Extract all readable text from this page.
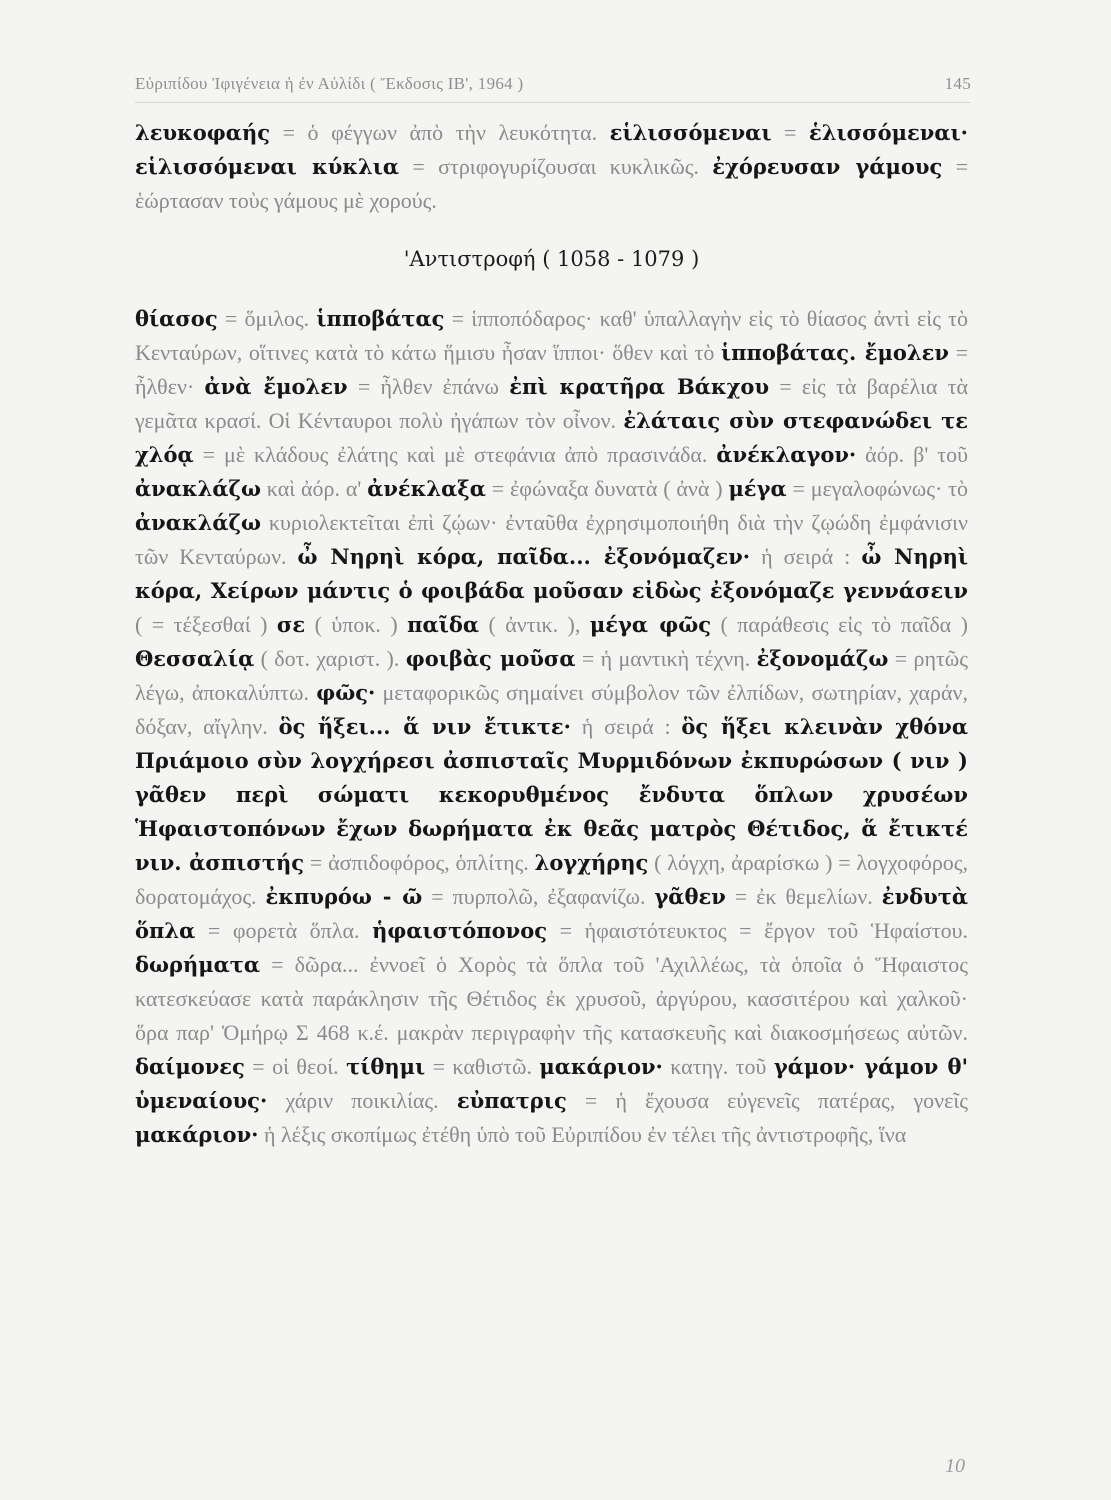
Εὐριπίδου Ἰφιγένεια ἡ ἐν Αὐλίδι ( Ἔκδοσις ΙΒ', 1964 )	145

λευκοφαής = ὁ φέγγων ἀπὸ τὴν λευκότητα. εἱλισσόμεναι = ἑλισσόμεναι· εἱλισσόμεναι κύκλια = στριφογυρίζουσαι κυκλικῶς. ἐχόρευσαν γάμους = ἑώρτασαν τοὺς γάμους μὲ χορούς.

'Αντιστροφή ( 1058 - 1079 )

θίασος = ὅμιλος. ἱπποβάτας = ἱπποπόδαρος· καθ' ὑπαλλαγὴν εἰς τὸ θίασος ἀντὶ εἰς τὸ Κενταύρων, οἵτινες κατὰ τὸ κάτω ἥμισυ ἦσαν ἵπποι· ὅθεν καὶ τὸ ἱπποβάτας. ἔμολεν = ἦλθεν· ἀνὰ ἔμολεν = ἦλθεν ἐπάνω ἐπὶ κρατῆρα Βάκχου = εἰς τὰ βαρέλια τὰ γεμᾶτα κρασί. Οἱ Κένταυροι πολὺ ἠγάπων τὸν οἶνον. ἐλάταις σὺν στεφανώδει τε χλόᾳ = μὲ κλάδους ἐλάτης καὶ μὲ στεφάνια ἀπὸ πρασινάδα. ἀνέκλαγον· ἀόρ. β' τοῦ ἀνακλάζω καὶ ἀόρ. α' ἀνέκλαξα = ἐφώναξα δυνατὰ ( ἀνὰ ) μέγα = μεγαλοφώνως· τὸ ἀνακλάζω κυριολεκτεῖται ἐπὶ ζῴων· ἐνταῦθα ἐχρησιμοποιήθη διὰ τὴν ζῳώδη ἐμφάνισιν τῶν Κενταύρων. ὦ Νηρηὶ κόρα, παῖδα... ἐξονόμαζεν· ἡ σειρά : ὦ Νηρηὶ κόρα, Χείρων μάντις ὁ φοιβάδα μοῦσαν εἰδὼς ἐξονόμαζε γεννάσειν ( = τέξεσθαί ) σε ( ὑποκ. ) παῖδα ( ἀντικ. ), μέγα φῶς ( παράθεσις εἰς τὸ παῖδα ) Θεσσαλίᾳ ( δοτ. χαριστ. ). φοιβὰς μοῦσα = ἡ μαντικὴ τέχνη. ἐξονομάζω = ρητῶς λέγω, ἀποκαλύπτω. φῶς· μεταφορικῶς σημαίνει σύμβολον τῶν ἐλπίδων, σωτηρίαν, χαράν, δόξαν, αἴγλην. ὃς ἥξει... ἅ νιν ἔτικτε· ἡ σειρά : ὃς ἥξει κλεινὰν χθόνα Πριάμοιο σὺν λογχήρεσι ἀσπισταῖς Μυρμιδόνων ἐκπυρώσων ( νιν ) γᾶθεν περὶ σώματι κεκορυθμένος ἔνδυτα ὅπλων χρυσέων Ἡφαιστοπόνων ἔχων δωρήματα ἐκ θεᾶς ματρὸς Θέτιδος, ἅ ἔτικτέ νιν. ἀσπιστής = ἀσπιδοφόρος, ὁπλίτης. λογχήρης ( λόγχη, ἀραρίσκω ) = λογχοφόρος, δορατομάχος. ἐκπυρόω - ῶ = πυρπολῶ, ἐξαφανίζω. γᾶθεν = ἐκ θεμελίων. ἐνδυτὰ ὅπλα = φορετὰ ὅπλα. ἡφαιστόπονος = ἡφαιστότευκτος = ἔργον τοῦ Ἡφαίστου. δωρήματα = δῶρα... ἐννοεῖ ὁ Χορὸς τὰ ὅπλα τοῦ 'Αχιλλέως, τὰ ὁποῖα ὁ Ἥφαιστος κατεσκεύασε κατὰ παράκλησιν τῆς Θέτιδος ἐκ χρυσοῦ, ἀργύρου, κασσιτέρου καὶ χαλκοῦ· ὅρα παρ' Ὁμήρῳ Σ 468 κ.έ. μακρὰν περιγραφὴν τῆς κατασκευῆς καὶ διακοσμήσεως αὐτῶν. δαίμονες = οἱ θεοί. τίθημι = καθιστῶ. μακάριον· κατηγ. τοῦ γάμον· γάμον θ' ὑμεναίους· χάριν ποικιλίας. εὐπατρις = ἡ ἔχουσα εὐγενεῖς πατέρας, γονεῖς μακάριον· ἡ λέξις σκοπίμως ἐτέθη ὑπὸ τοῦ Εὐριπίδου ἐν τέλει τῆς ἀντιστροφῆς, ἵνα

10
